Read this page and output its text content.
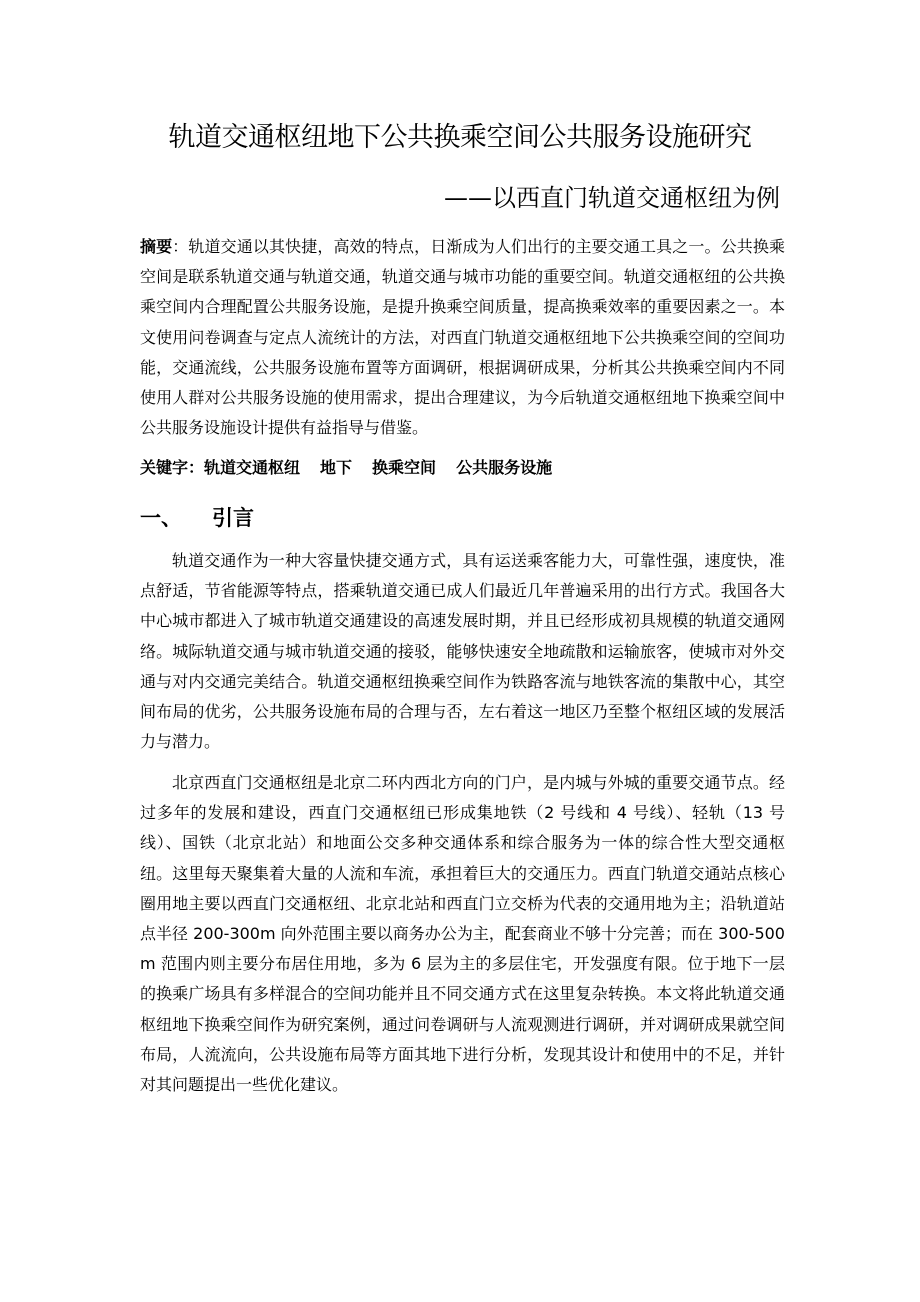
轨道交通枢纽地下公共换乘空间公共服务设施研究
——以西直门轨道交通枢纽为例
摘要：轨道交通以其快捷，高效的特点，日渐成为人们出行的主要交通工具之一。公共换乘空间是联系轨道交通与轨道交通，轨道交通与城市功能的重要空间。轨道交通枢纽的公共换乘空间内合理配置公共服务设施，是提升换乘空间质量，提高换乘效率的重要因素之一。本文使用问卷调查与定点人流统计的方法，对西直门轨道交通枢纽地下公共换乘空间的空间功能，交通流线，公共服务设施布置等方面调研，根据调研成果，分析其公共换乘空间内不同使用人群对公共服务设施的使用需求，提出合理建议，为今后轨道交通枢纽地下换乘空间中公共服务设施设计提供有益指导与借鉴。
关键字：轨道交通枢纽 地下 换乘空间 公共服务设施
一、 引言
轨道交通作为一种大容量快捷交通方式，具有运送乘客能力大，可靠性强，速度快，准点舒适，节省能源等特点，搭乘轨道交通已成人们最近几年普遍采用的出行方式。我国各大中心城市都进入了城市轨道交通建设的高速发展时期，并且已经形成初具规模的轨道交通网络。城际轨道交通与城市轨道交通的接驳，能够快速安全地疏散和运输旅客，使城市对外交通与对内交通完美结合。轨道交通枢纽换乘空间作为铁路客流与地铁客流的集散中心，其空间布局的优劣，公共服务设施布局的合理与否，左右着这一地区乃至整个枢纽区域的发展活力与潜力。
北京西直门交通枢纽是北京二环内西北方向的门户，是内城与外城的重要交通节点。经过多年的发展和建设，西直门交通枢纽已形成集地铁（2 号线和 4 号线）、轻轨（13 号线）、国铁（北京北站）和地面公交多种交通体系和综合服务为一体的综合性大型交通枢纽。这里每天聚集着大量的人流和车流，承担着巨大的交通压力。西直门轨道交通站点核心圈用地主要以西直门交通枢纽、北京北站和西直门立交桥为代表的交通用地为主；沿轨道站点半径 200-300m 向外范围主要以商务办公为主，配套商业不够十分完善；而在 300-500m 范围内则主要分布居住用地，多为 6 层为主的多层住宅，开发强度有限。位于地下一层的换乘广场具有多样混合的空间功能并且不同交通方式在这里复杂转换。本文将此轨道交通枢纽地下换乘空间作为研究案例，通过问卷调研与人流观测进行调研，并对调研成果就空间布局，人流流向，公共设施布局等方面其地下进行分析，发现其设计和使用中的不足，并针对其问题提出一些优化建议。
